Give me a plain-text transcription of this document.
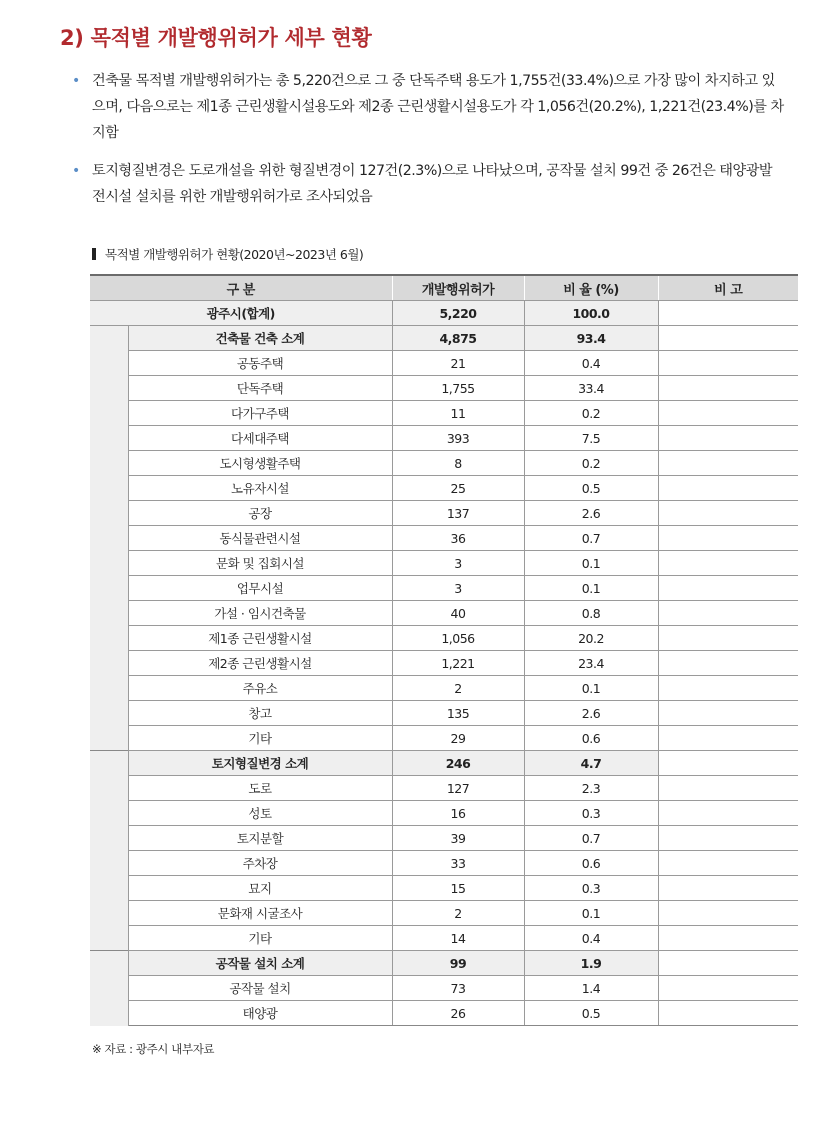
2) 목적별 개발행위허가 세부 현황
• 건축물 목적별 개발행위허가는 총 5,220건으로 그 중 단독주택 용도가 1,755건(33.4%)으로 가장 많이 차지하고 있으며, 다음으로는 제1종 근린생활시설용도와 제2종 근린생활시설용도가 각 1,056건(20.2%), 1,221건(23.4%)를 차지함
• 토지형질변경은 도로개설을 위한 형질변경이 127건(2.3%)으로 나타났으며, 공작물 설치 99건 중 26건은 태양광발전시설 설치를 위한 개발행위허가로 조사되었음
목적별 개발행위허가 현황(2020년~2023년 6월)
구 분		개발행위허가	비 율 (%)	비 고
광주시(합계)		5,220	100.0	
	건축물 건축 소계	4,875	93.4	
	공동주택	21	0.4	
	단독주택	1,755	33.4	
	다가구주택	11	0.2	
	다세대주택	393	7.5	
	도시형생활주택	8	0.2	
	노유자시설	25	0.5	
	공장	137	2.6	
	동식물관련시설	36	0.7	
	문화 및 집회시설	3	0.1	
	업무시설	3	0.1	
	가설 · 임시건축물	40	0.8	
	제1종 근린생활시설	1,056	20.2	
	제2종 근린생활시설	1,221	23.4	
	주유소	2	0.1	
	창고	135	2.6	
	기타	29	0.6	
	토지형질변경 소계	246	4.7	
	도로	127	2.3	
	성토	16	0.3	
	토지분할	39	0.7	
	주차장	33	0.6	
	묘지	15	0.3	
	문화재 시굴조사	2	0.1	
	기타	14	0.4	
	공작물 설치 소계	99	1.9	
	공작물 설치	73	1.4	
	태양광	26	0.5	
※ 자료 : 광주시 내부자료
